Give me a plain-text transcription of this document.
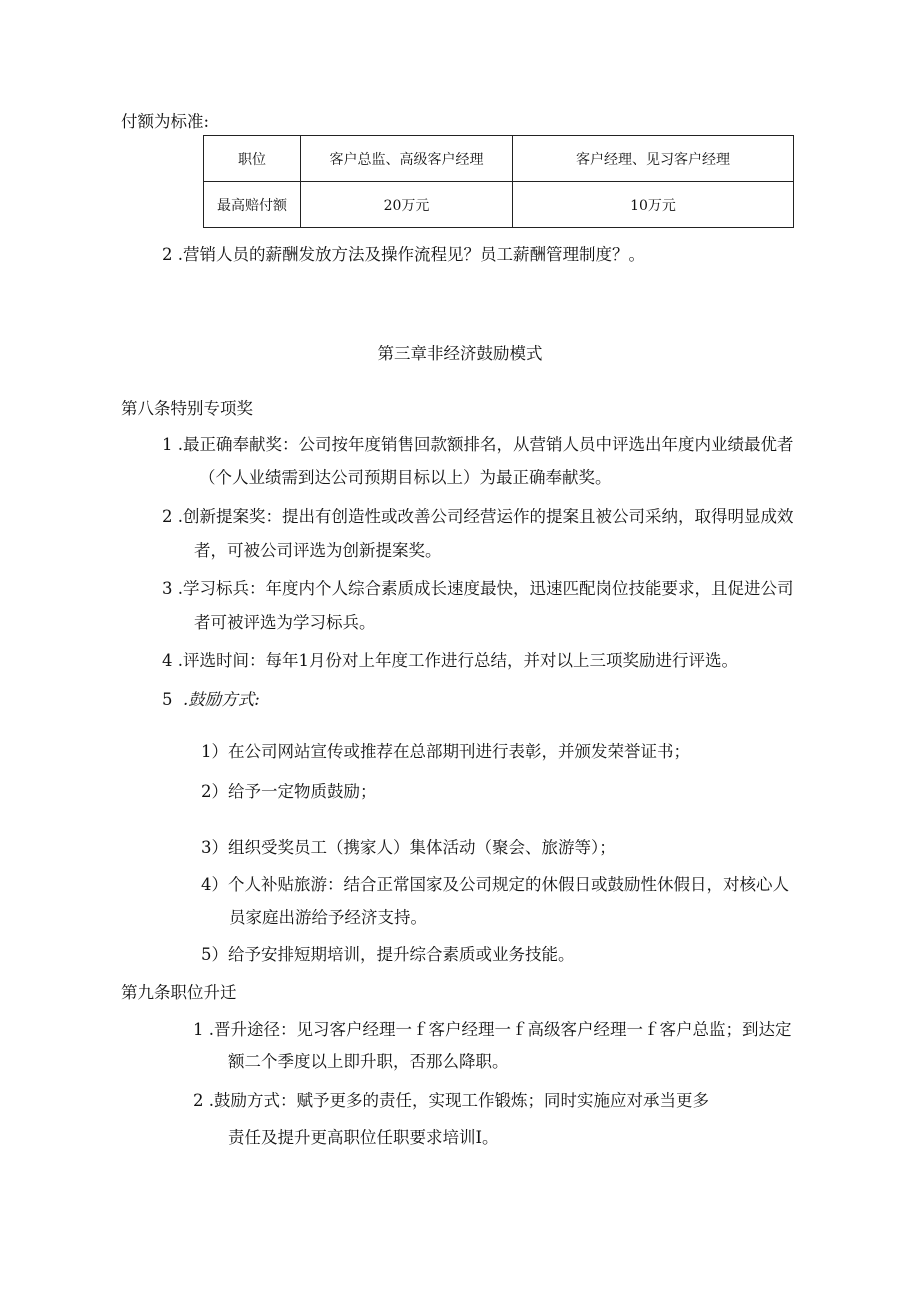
付额为标准:
职位	客户总监、高级客户经理	客户经理、见习客户经理
最高赔付额	20万元	10万元
2 .营销人员的薪酬发放方法及操作流程见？员工薪酬管理制度？。
第三章非经济鼓励模式
第八条特别专项奖
1 .最正确奉献奖：公司按年度销售回款额排名，从营销人员中评选出年度内业绩最优者
（个人业绩需到达公司预期目标以上）为最正确奉献奖。
2 .创新提案奖：提出有创造性或改善公司经营运作的提案且被公司采纳，取得明显成效
者，可被公司评选为创新提案奖。
3 .学习标兵：年度内个人综合素质成长速度最快，迅速匹配岗位技能要求，且促进公司
者可被评选为学习标兵。
4 .评选时间：每年1月份对上年度工作进行总结，并对以上三项奖励进行评选。
5 .鼓励方式:
1）在公司网站宣传或推荐在总部期刊进行表彰，并颁发荣誉证书；
2）给予一定物质鼓励；
3）组织受奖员工（携家人）集体活动（聚会、旅游等）；
4）个人补贴旅游：结合正常国家及公司规定的休假日或鼓励性休假日，对核心人
员家庭出游给予经济支持。
5）给予安排短期培训，提升综合素质或业务技能。
第九条职位升迁
1 .晋升途径：见习客户经理一ｆ客户经理一ｆ高级客户经理一ｆ客户总监；到达定
额二个季度以上即升职，否那么降职。
2 .鼓励方式：赋予更多的责任，实现工作锻炼；同时实施应对承当更多
责任及提升更高职位任职要求培训I。
